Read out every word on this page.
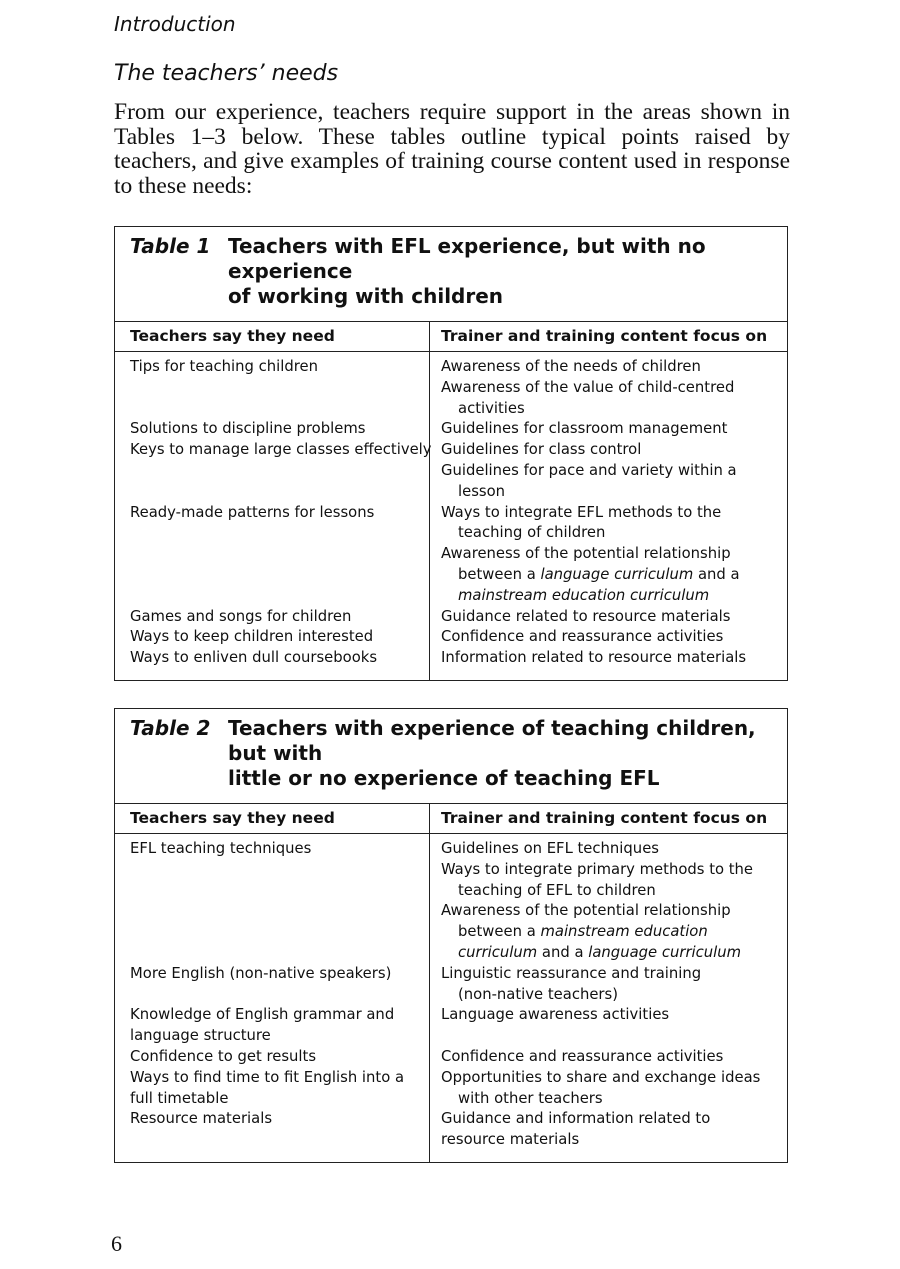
Introduction
The teachers’ needs

From our experience, teachers require support in the areas shown in Tables 1–3 below. These tables outline typical points raised by teachers, and give examples of training course content used in response to these needs:

Table 1 Teachers with EFL experience, but with no experience
of working with children
Teachers say they need	Trainer and training content focus on
Tips for teaching children
Solutions to discipline problems
Keys to manage large classes effectively
Ready-made patterns for lessons
Games and songs for children
Ways to keep children interested
Ways to enliven dull coursebooks
Awareness of the needs of children
Awareness of the value of child-centred
activities
Guidelines for classroom management
Guidelines for class control
Guidelines for pace and variety within a
lesson
Ways to integrate EFL methods to the
teaching of children
Awareness of the potential relationship
between a language curriculum and a
mainstream education curriculum
Guidance related to resource materials
Confidence and reassurance activities
Information related to resource materials
Table 2 Teachers with experience of teaching children, but with
little or no experience of teaching EFL
Teachers say they need	Trainer and training content focus on
EFL teaching techniques
More English (non-native speakers)
Knowledge of English grammar and
language structure
Confidence to get results
Ways to find time to fit English into a
full timetable
Resource materials
Guidelines on EFL techniques
Ways to integrate primary methods to the
teaching of EFL to children
Awareness of the potential relationship
between a mainstream education
curriculum and a language curriculum
Linguistic reassurance and training
(non-native teachers)
Language awareness activities
Confidence and reassurance activities
Opportunities to share and exchange ideas
with other teachers
Guidance and information related to
resource materials
6
